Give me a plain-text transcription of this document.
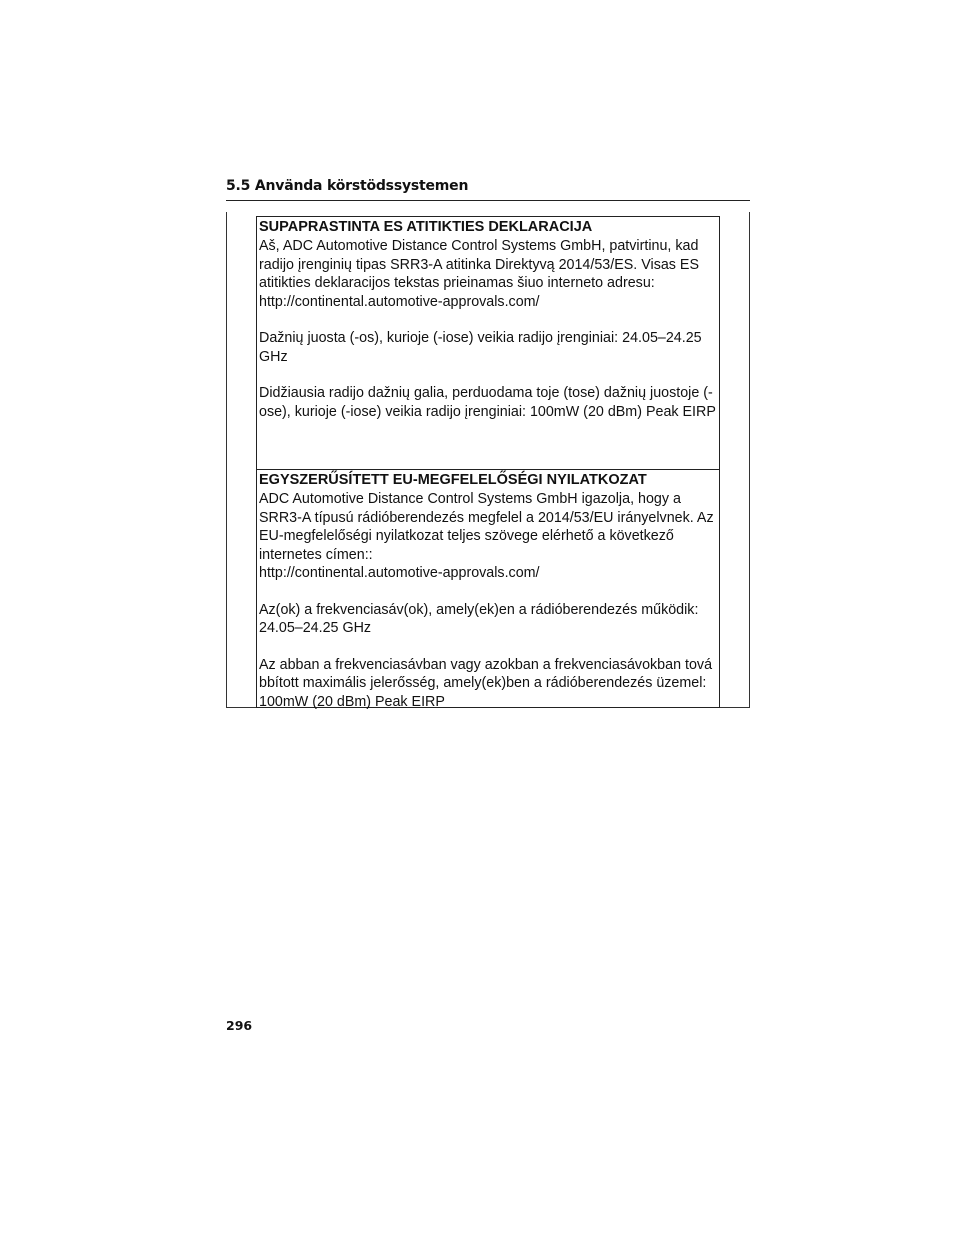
5.5 Använda körstödssystemen

SUPAPRASTINTA ES ATITIKTIES DEKLARACIJA

Aš, ADC Automotive Distance Control Systems GmbH, patvirtinu, kad
radijo įrenginių tipas SRR3-A atitinka Direktyvą 2014/53/ES. Visas ES
atitikties deklaracijos tekstas prieinamas šiuo interneto adresu:
http://continental.automotive-approvals.com/

Dažnių juosta (-os), kurioje (-iose) veikia radijo įrenginiai: 24.05–24.25
GHz

Didžiausia radijo dažnių galia, perduodama toje (tose) dažnių juostoje (-
ose), kurioje (-iose) veikia radijo įrenginiai: 100mW (20 dBm) Peak EIRP

EGYSZERŰSÍTETT EU-MEGFELELŐSÉGI NYILATKOZAT

ADC Automotive Distance Control Systems GmbH igazolja, hogy a
SRR3-A típusú rádióberendezés megfelel a 2014/53/EU irányelvnek. Az
EU-megfelelőségi nyilatkozat teljes szövege elérhető a következő
internetes címen::
http://continental.automotive-approvals.com/

Az(ok) a frekvenciasáv(ok), amely(ek)en a rádióberendezés működik:
24.05–24.25 GHz

Az abban a frekvenciasávban vagy azokban a frekvenciasávokban tová
bbított maximális jelerősség, amely(ek)ben a rádióberendezés üzemel:
100mW (20 dBm) Peak EIRP

296
